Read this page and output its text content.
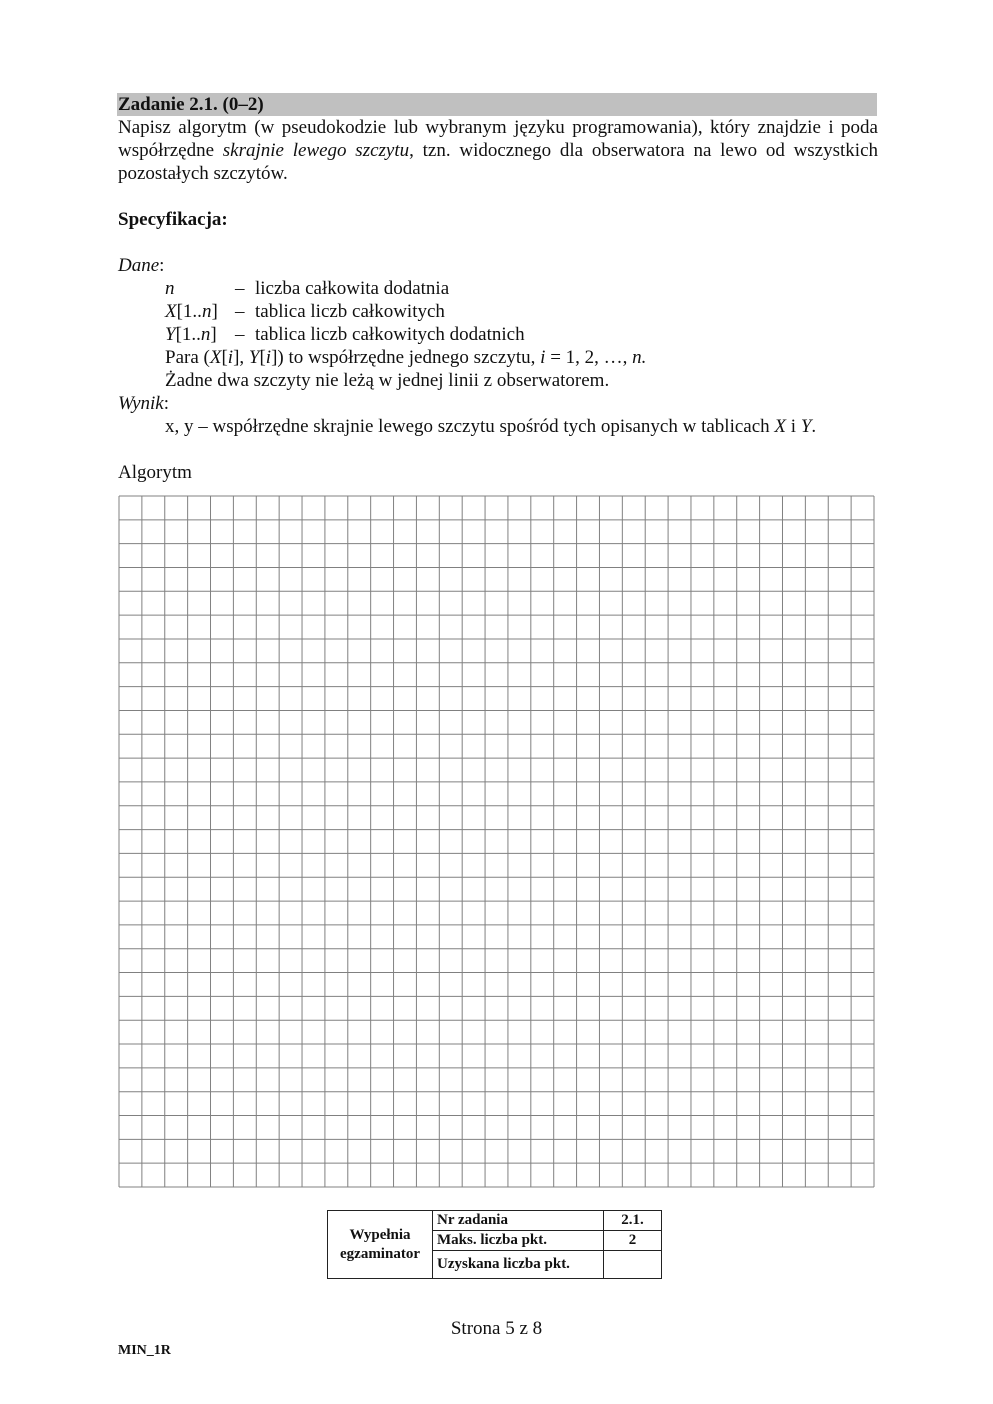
Zadanie 2.1. (0–2)

Napisz algorytm (w pseudokodzie lub wybranym języku programowania), który znajdzie i poda współrzędne skrajnie lewego szczytu, tzn. widocznego dla obserwatora na lewo od wszystkich pozostałych szczytów.

Specyfikacja:
Dane:
n	– liczba całkowita dodatnia
X[1..n] – tablica liczb całkowitych
Y[1..n] – tablica liczb całkowitych dodatnich
Para (X[i], Y[i]) to współrzędne jednego szczytu, i = 1, 2, …, n.
Żadne dwa szczyty nie leżą w jednej linii z obserwatorem.
Wynik:
x, y – współrzędne skrajnie lewego szczytu spośród tych opisanych w tablicach X i Y.
Algorytm
Wypełnia egzaminator	Nr zadania	2.1.
	Maks. liczba pkt.	2
	Uzyskana liczba pkt.	
Strona 5 z 8
MIN_1R
